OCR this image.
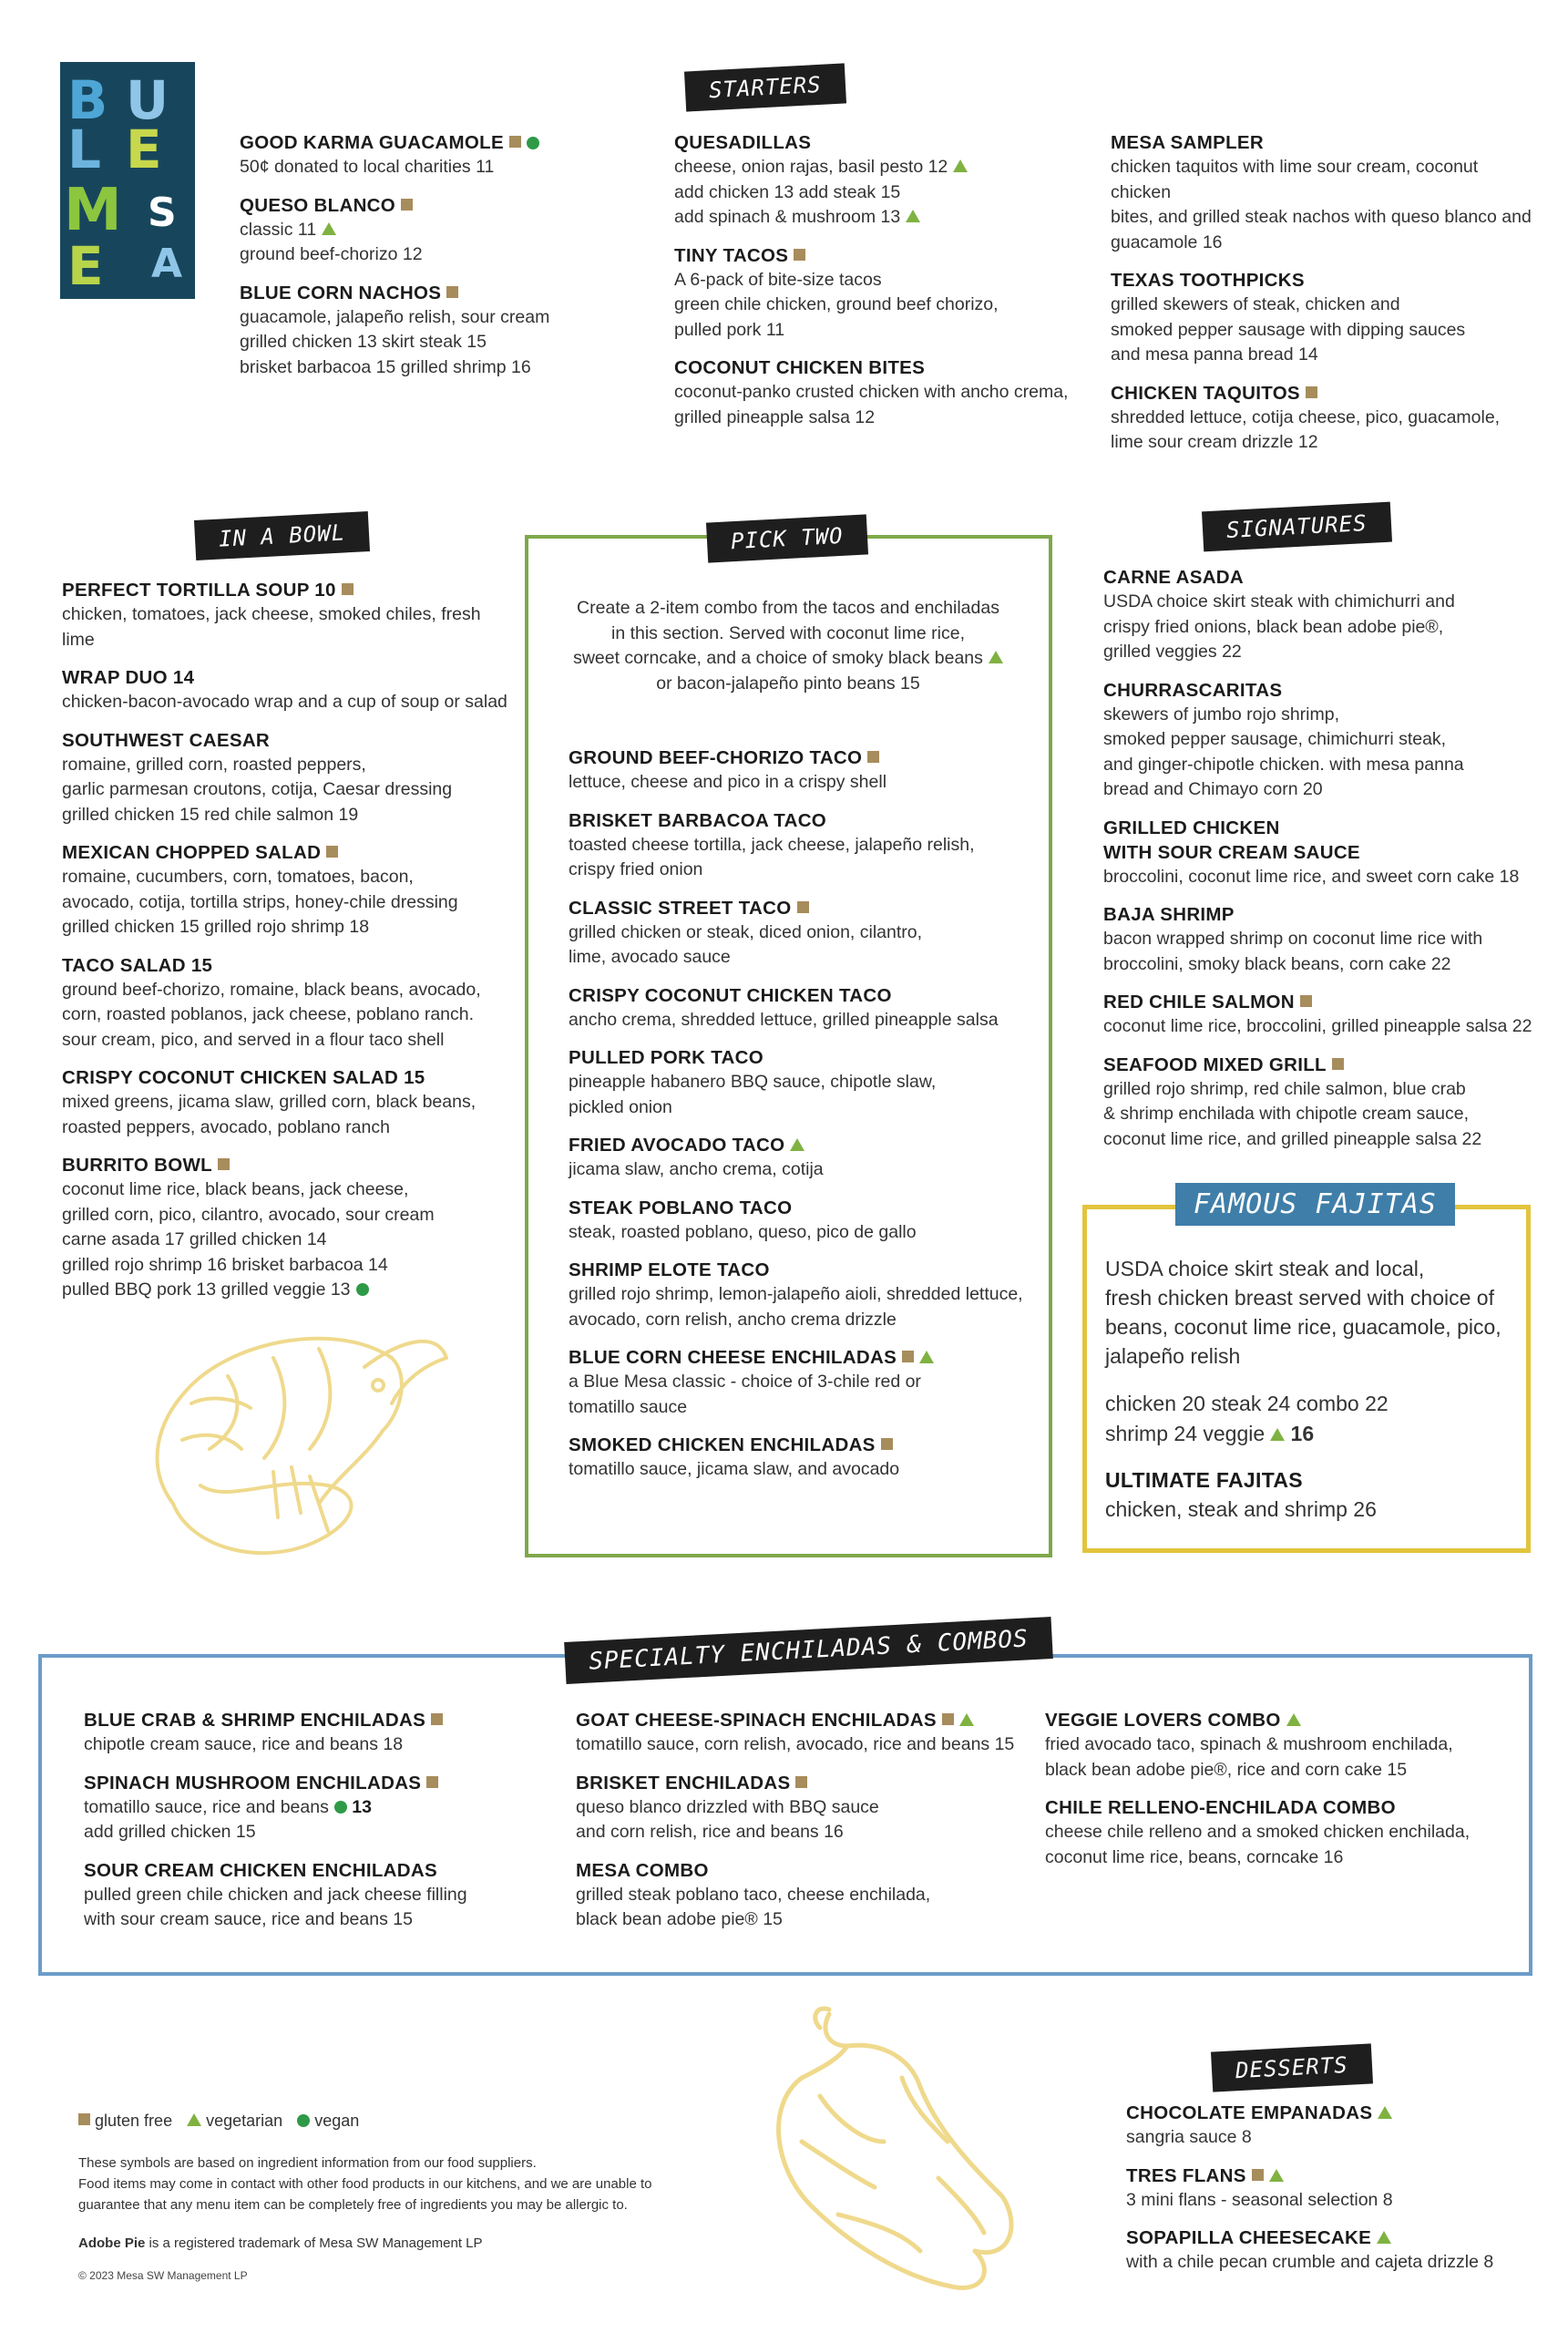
B
L
U
E
M
E
S
A
STARTERS
GOOD KARMA GUACAMOLE
50¢ donated to local charities 11
QUESO BLANCO
classic 11
ground beef-chorizo 12
BLUE CORN NACHOS
guacamole, jalapeño relish, sour cream
grilled chicken 13 skirt steak 15
brisket barbacoa 15 grilled shrimp 16
QUESADILLAS
cheese, onion rajas, basil pesto 12
add chicken 13 add steak 15
add spinach & mushroom 13
TINY TACOS
A 6-pack of bite-size tacos
green chile chicken, ground beef chorizo,
pulled pork 11
COCONUT CHICKEN BITES
coconut-panko crusted chicken with ancho crema,
grilled pineapple salsa 12
MESA SAMPLER
chicken taquitos with lime sour cream, coconut chicken
bites, and grilled steak nachos with queso blanco and
guacamole 16
TEXAS TOOTHPICKS
grilled skewers of steak, chicken and
smoked pepper sausage with dipping sauces
and mesa panna bread 14
CHICKEN TAQUITOS
shredded lettuce, cotija cheese, pico, guacamole,
lime sour cream drizzle 12
IN A BOWL
PERFECT TORTILLA SOUP 10
chicken, tomatoes, jack cheese, smoked chiles, fresh lime
WRAP DUO 14
chicken-bacon-avocado wrap and a cup of soup or salad
SOUTHWEST CAESAR
romaine, grilled corn, roasted peppers,
garlic parmesan croutons, cotija, Caesar dressing
grilled chicken 15 red chile salmon 19
MEXICAN CHOPPED SALAD
romaine, cucumbers, corn, tomatoes, bacon,
avocado, cotija, tortilla strips, honey-chile dressing
grilled chicken 15 grilled rojo shrimp 18
TACO SALAD 15
ground beef-chorizo, romaine, black beans, avocado,
corn, roasted poblanos, jack cheese, poblano ranch.
sour cream, pico, and served in a flour taco shell
CRISPY COCONUT CHICKEN SALAD 15
mixed greens, jicama slaw, grilled corn, black beans,
roasted peppers, avocado, poblano ranch
BURRITO BOWL
coconut lime rice, black beans, jack cheese,
grilled corn, pico, cilantro, avocado, sour cream
carne asada 17 grilled chicken 14
grilled rojo shrimp 16 brisket barbacoa 14
pulled BBQ pork 13 grilled veggie 13
PICK TWO
Create a 2-item combo from the tacos and enchiladas
in this section. Served with coconut lime rice,
sweet corncake, and a choice of smoky black beans
or bacon-jalapeño pinto beans 15
GROUND BEEF-CHORIZO TACO
lettuce, cheese and pico in a crispy shell
BRISKET BARBACOA TACO
toasted cheese tortilla, jack cheese, jalapeño relish,
crispy fried onion
CLASSIC STREET TACO
grilled chicken or steak, diced onion, cilantro,
lime, avocado sauce
CRISPY COCONUT CHICKEN TACO
ancho crema, shredded lettuce, grilled pineapple salsa
PULLED PORK TACO
pineapple habanero BBQ sauce, chipotle slaw,
pickled onion
FRIED AVOCADO TACO
jicama slaw, ancho crema, cotija
STEAK POBLANO TACO
steak, roasted poblano, queso, pico de gallo
SHRIMP ELOTE TACO
grilled rojo shrimp, lemon-jalapeño aioli, shredded lettuce,
avocado, corn relish, ancho crema drizzle
BLUE CORN CHEESE ENCHILADAS
a Blue Mesa classic - choice of 3-chile red or
tomatillo sauce
SMOKED CHICKEN ENCHILADAS
tomatillo sauce, jicama slaw, and avocado
SIGNATURES
CARNE ASADA
USDA choice skirt steak with chimichurri and
crispy fried onions, black bean adobe pie®,
grilled veggies 22
CHURRASCARITAS
skewers of jumbo rojo shrimp,
smoked pepper sausage, chimichurri steak,
and ginger-chipotle chicken. with mesa panna
bread and Chimayo corn 20
GRILLED CHICKEN
WITH SOUR CREAM SAUCE
broccolini, coconut lime rice, and sweet corn cake 18
BAJA SHRIMP
bacon wrapped shrimp on coconut lime rice with
broccolini, smoky black beans, corn cake 22
RED CHILE SALMON
coconut lime rice, broccolini, grilled pineapple salsa 22
SEAFOOD MIXED GRILL
grilled rojo shrimp, red chile salmon, blue crab
& shrimp enchilada with chipotle cream sauce,
coconut lime rice, and grilled pineapple salsa 22
FAMOUS FAJITAS
USDA choice skirt steak and local,
fresh chicken breast served with choice of
beans, coconut lime rice, guacamole, pico,
jalapeño relish
chicken 20 steak 24 combo 22
shrimp 24 veggie 16
ULTIMATE FAJITAS
chicken, steak and shrimp 26
SPECIALTY ENCHILADAS & COMBOS
BLUE CRAB & SHRIMP ENCHILADAS
chipotle cream sauce, rice and beans 18
SPINACH MUSHROOM ENCHILADAS
tomatillo sauce, rice and beans 13
add grilled chicken 15
SOUR CREAM CHICKEN ENCHILADAS
pulled green chile chicken and jack cheese filling
with sour cream sauce, rice and beans 15
GOAT CHEESE-SPINACH ENCHILADAS
tomatillo sauce, corn relish, avocado, rice and beans 15
BRISKET ENCHILADAS
queso blanco drizzled with BBQ sauce
and corn relish, rice and beans 16
MESA COMBO
grilled steak poblano taco, cheese enchilada,
black bean adobe pie® 15
VEGGIE LOVERS COMBO
fried avocado taco, spinach & mushroom enchilada,
black bean adobe pie®, rice and corn cake 15
CHILE RELLENO-ENCHILADA COMBO
cheese chile relleno and a smoked chicken enchilada,
coconut lime rice, beans, corncake 16
DESSERTS
CHOCOLATE EMPANADAS
sangria sauce 8
TRES FLANS
3 mini flans - seasonal selection 8
SOPAPILLA CHEESECAKE
with a chile pecan crumble and cajeta drizzle 8
gluten free vegetarian vegan
These symbols are based on ingredient information from our food suppliers.
Food items may come in contact with other food products in our kitchens, and we are unable to
guarantee that any menu item can be completely free of ingredients you may be allergic to.
Adobe Pie is a registered trademark of Mesa SW Management LP
© 2023 Mesa SW Management LP
